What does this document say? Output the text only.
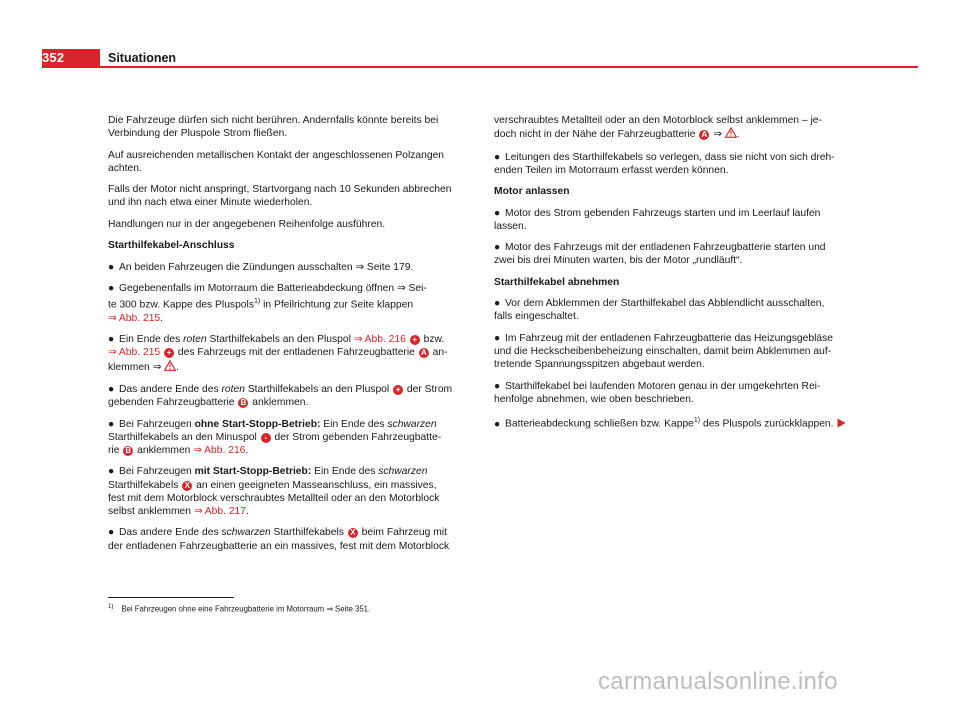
352	Situationen

Die Fahrzeuge dürfen sich nicht berühren. Andernfalls könnte bereits bei Verbindung der Pluspole Strom fließen.

Auf ausreichenden metallischen Kontakt der angeschlossenen Polzangen achten.

Falls der Motor nicht anspringt, Startvorgang nach 10 Sekunden abbrechen und ihn nach etwa einer Minute wiederholen.

Handlungen nur in der angegebenen Reihenfolge ausführen.

Starthilfekabel-Anschluss

● An beiden Fahrzeugen die Zündungen ausschalten ⇒ Seite 179.
● Gegebenenfalls im Motorraum die Batterieabdeckung öffnen ⇒ Sei-
te 300 bzw. Kappe des Pluspols$^{1)}$ in Pfeilrichtung zur Seite klappen
⇒ Abb. 215.
● Ein Ende des roten Starthilfekabels an den Pluspol ⇒ Abb. 216 + bzw.
⇒ Abb. 215 + des Fahrzeugs mit der entladenen Fahrzeugbatterie A an-
klemmen ⇒ .
● Das andere Ende des roten Starthilfekabels an den Pluspol + der Strom
gebenden Fahrzeugbatterie B anklemmen.
● Bei Fahrzeugen ohne Start-Stopp-Betrieb: Ein Ende des schwarzen
Starthilfekabels an den Minuspol - der Strom gebenden Fahrzeugbatte-
rie B anklemmen ⇒ Abb. 216.
● Bei Fahrzeugen mit Start-Stopp-Betrieb: Ein Ende des schwarzen
Starthilfekabels X an einen geeigneten Masseanschluss, ein massives,
fest mit dem Motorblock verschraubtes Metallteil oder an den Motorblock
selbst anklemmen ⇒ Abb. 217.
● Das andere Ende des schwarzen Starthilfekabels X beim Fahrzeug mit
der entladenen Fahrzeugbatterie an ein massives, fest mit dem Motorblock

verschraubtes Metallteil oder an den Motorblock selbst anklemmen – je-
doch nicht in der Nähe der Fahrzeugbatterie A ⇒ .

● Leitungen des Starthilfekabels so verlegen, dass sie nicht von sich dreh-
enden Teilen im Motorraum erfasst werden können.

Motor anlassen

● Motor des Strom gebenden Fahrzeugs starten und im Leerlauf laufen
lassen.
● Motor des Fahrzeugs mit der entladenen Fahrzeugbatterie starten und
zwei bis drei Minuten warten, bis der Motor „rundläuft“.

Starthilfekabel abnehmen

● Vor dem Abklemmen der Starthilfekabel das Abblendlicht ausschalten,
falls eingeschaltet.
● Im Fahrzeug mit der entladenen Fahrzeugbatterie das Heizungsgebläse
und die Heckscheibenbeheizung einschalten, damit beim Abklemmen auf-
tretende Spannungsspitzen abgebaut werden.
● Starthilfekabel bei laufenden Motoren genau in der umgekehrten Rei-
henfolge abnehmen, wie oben beschrieben.
● Batterieabdeckung schließen bzw. Kappe$^{1)}$ des Pluspols zurückklappen.
$^{1)}$ Bei Fahrzeugen ohne eine Fahrzeugbatterie im Motorraum ⇒ Seite 351.
carmanualsonline.info
